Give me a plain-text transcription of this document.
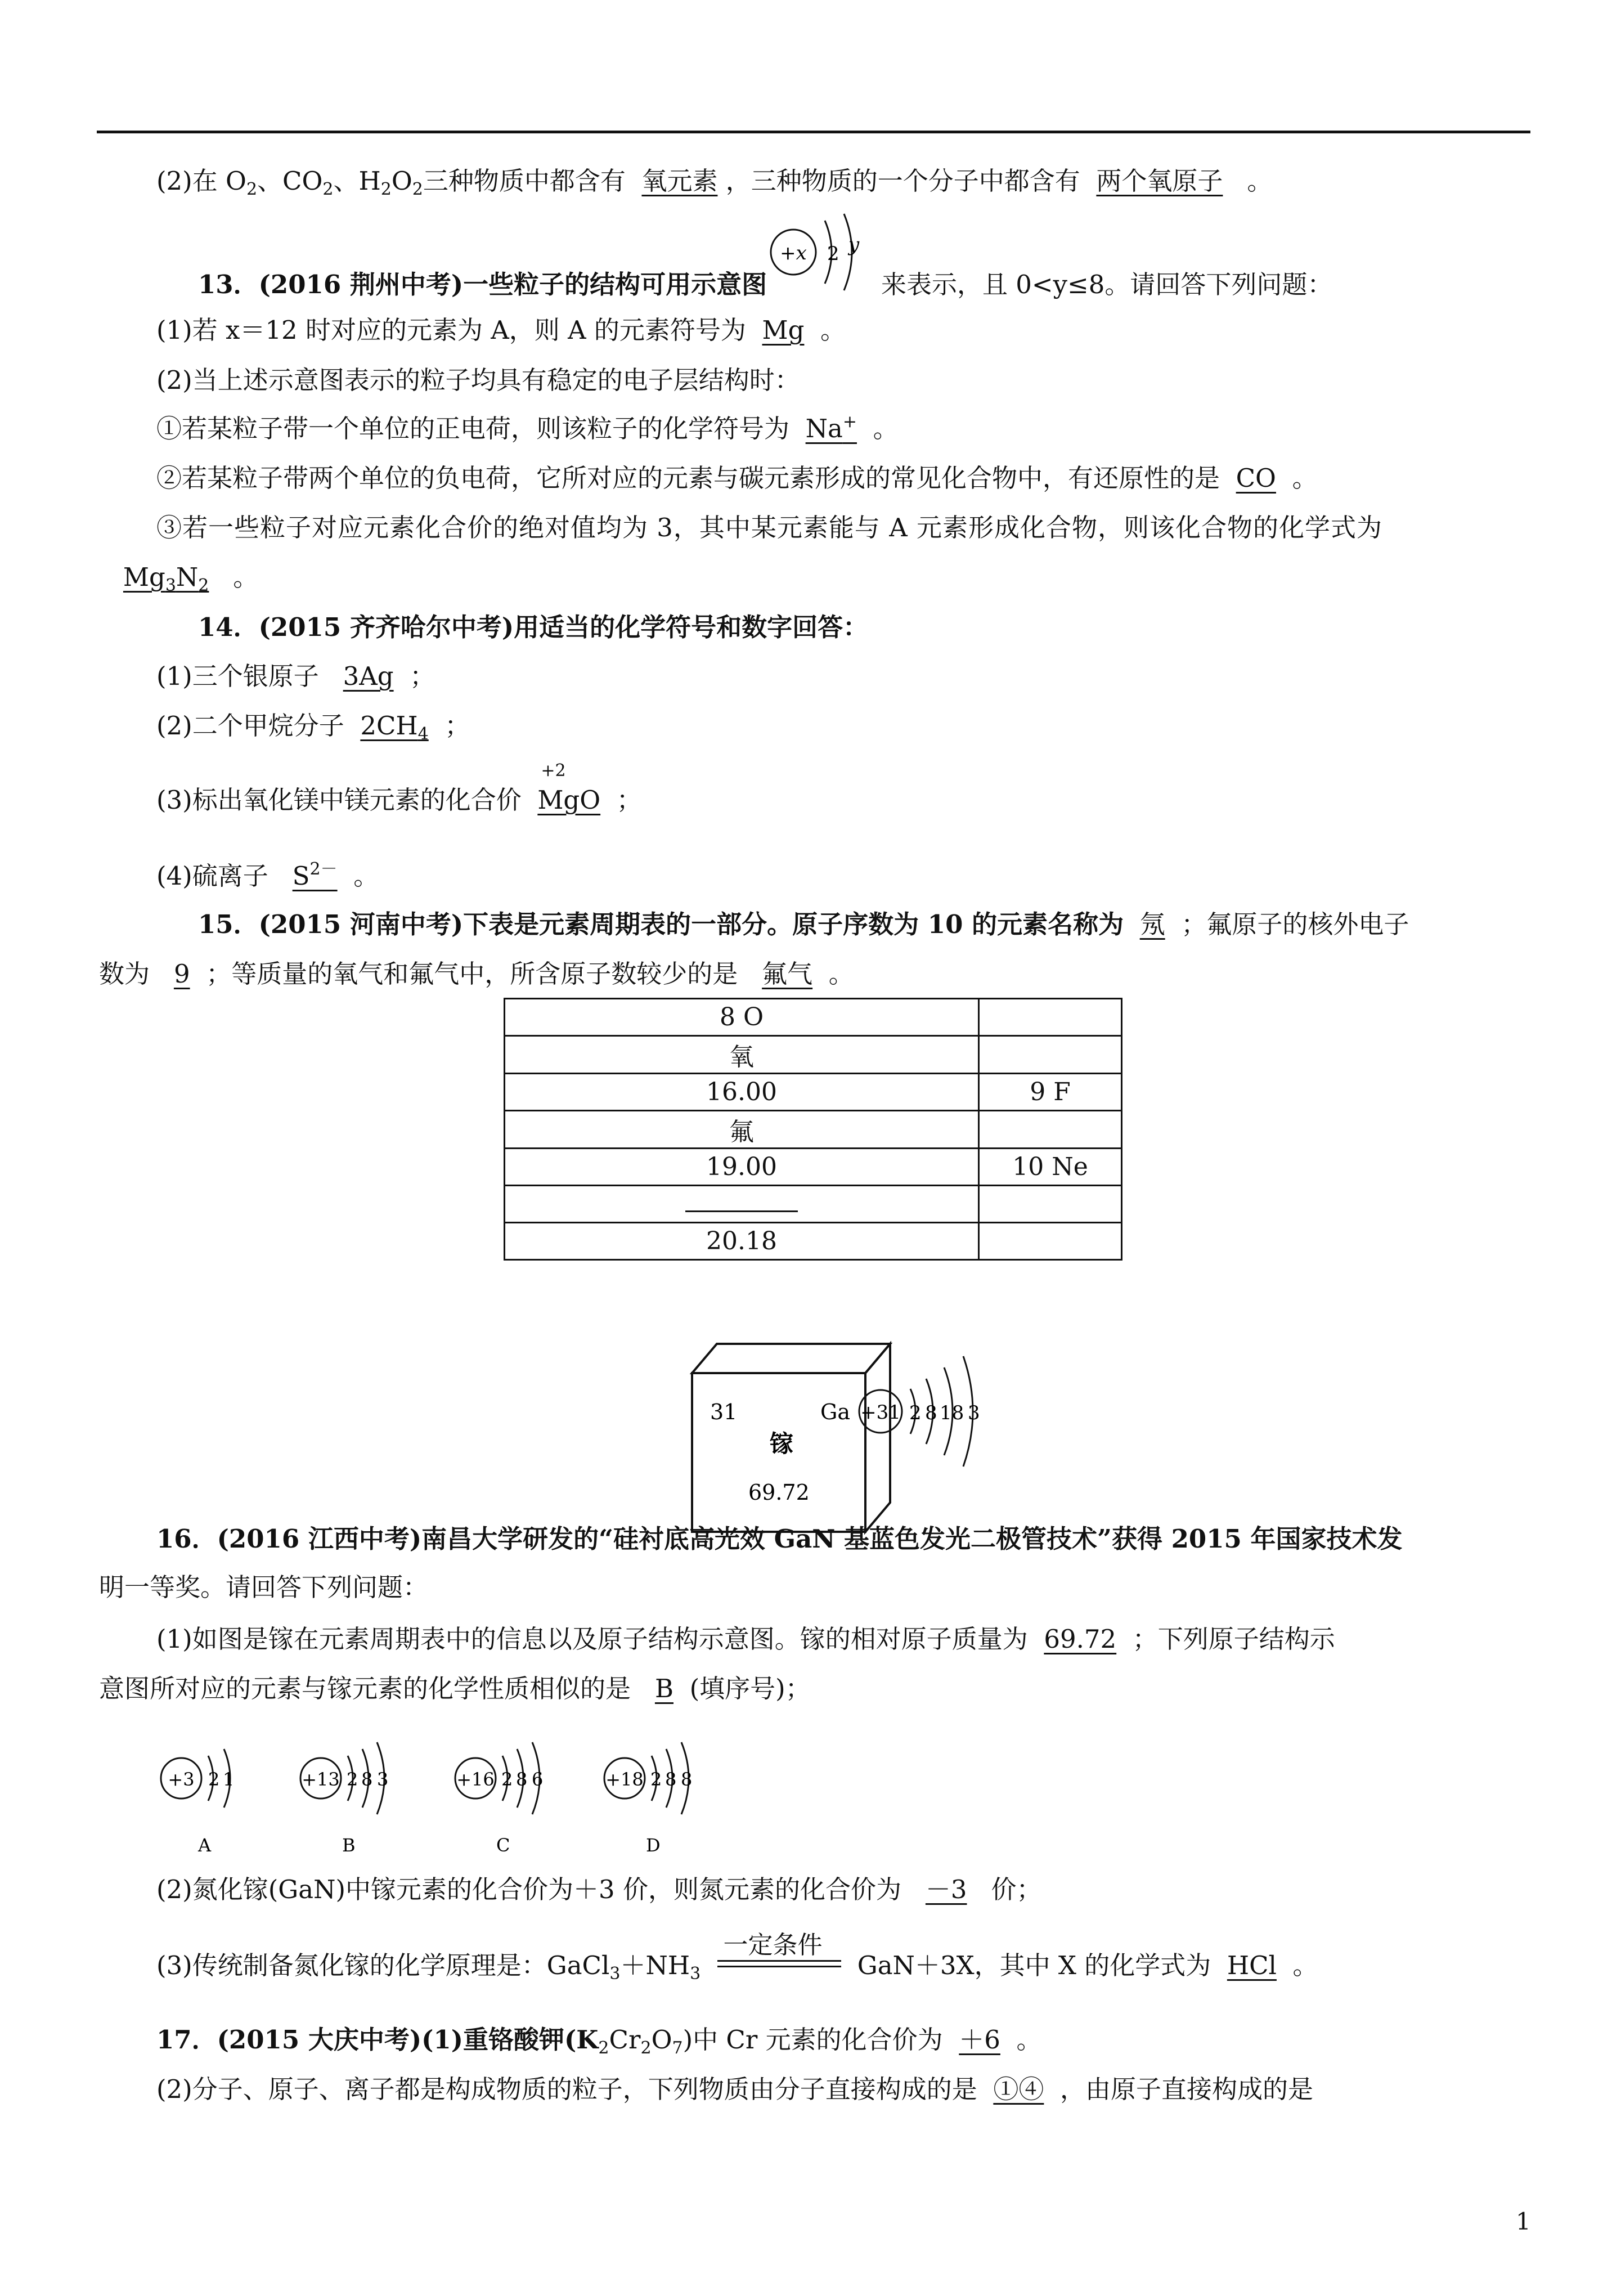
(2)在 $O_2$、$CO_2$、$H_2O_2$三种物质中都含有 氧元素 ，三种物质的一个分子中都含有 两个氧原子 。
13．(2016 荆州中考)一些粒子的结构可用示意图
+x 2 y
来表示，且 0<y≤8。请回答下列问题：
(1)若 x＝12 时对应的元素为 A，则 A 的元素符号为 Mg 。
(2)当上述示意图表示的粒子均具有稳定的电子层结构时：
①若某粒子带一个单位的正电荷，则该粒子的化学符号为 Na+ 。
②若某粒子带两个单位的负电荷，它所对应的元素与碳元素形成的常见化合物中，有还原性的是 CO 。
③若一些粒子对应元素化合价的绝对值均为 3，其中某元素能与 A 元素形成化合物，则该化合物的化学式为
$Mg_3N_2$ 。
14．(2015 齐齐哈尔中考)用适当的化学符号和数字回答：
(1)三个银原子 3Ag ；
(2)二个甲烷分子 $2CH_4$ ；
(3)标出氧化镁中镁元素的化合价
+2
MgO ；
(4)硫离子 $S^{2-}$ 。
15．(2015 河南中考)下表是元素周期表的一部分。原子序数为 10 的元素名称为 氖 ；氟原子的核外电子
数为 9 ；等质量的氧气和氟气中，所含原子数较少的是 氟气 。
8 O	
氧	
16.00	9 F
氟	
19.00	10 Ne

20.18	
31	Ga
镓
69.72
+31 2 8 18 3
16．(2016 江西中考)南昌大学研发的“硅衬底高光效 GaN 基蓝色发光二极管技术”获得 2015 年国家技术发
明一等奖。请回答下列问题：
(1)如图是镓在元素周期表中的信息以及原子结构示意图。镓的相对原子质量为 69.72 ；下列原子结构示
意图所对应的元素与镓元素的化学性质相似的是 B (填序号)；
+3 2 1
A
+13 2 8 3
B
+16 2 8 6
C
+18 2 8 8
D
(2)氮化镓(GaN)中镓元素的化合价为＋3 价，则氮元素的化合价为 －3 价；
(3)传统制备氮化镓的化学原理是：$GaCl_3+NH_3$
一定条件
GaN＋3X，其中 X 的化学式为 HCl 。
17．(2015 大庆中考)(1)重铬酸钾$(K_2Cr_2O_7)$中 Cr 元素的化合价为 ＋6 。
(2)分子、原子、离子都是构成物质的粒子，下列物质由分子直接构成的是 ①④ ，由原子直接构成的是
1
